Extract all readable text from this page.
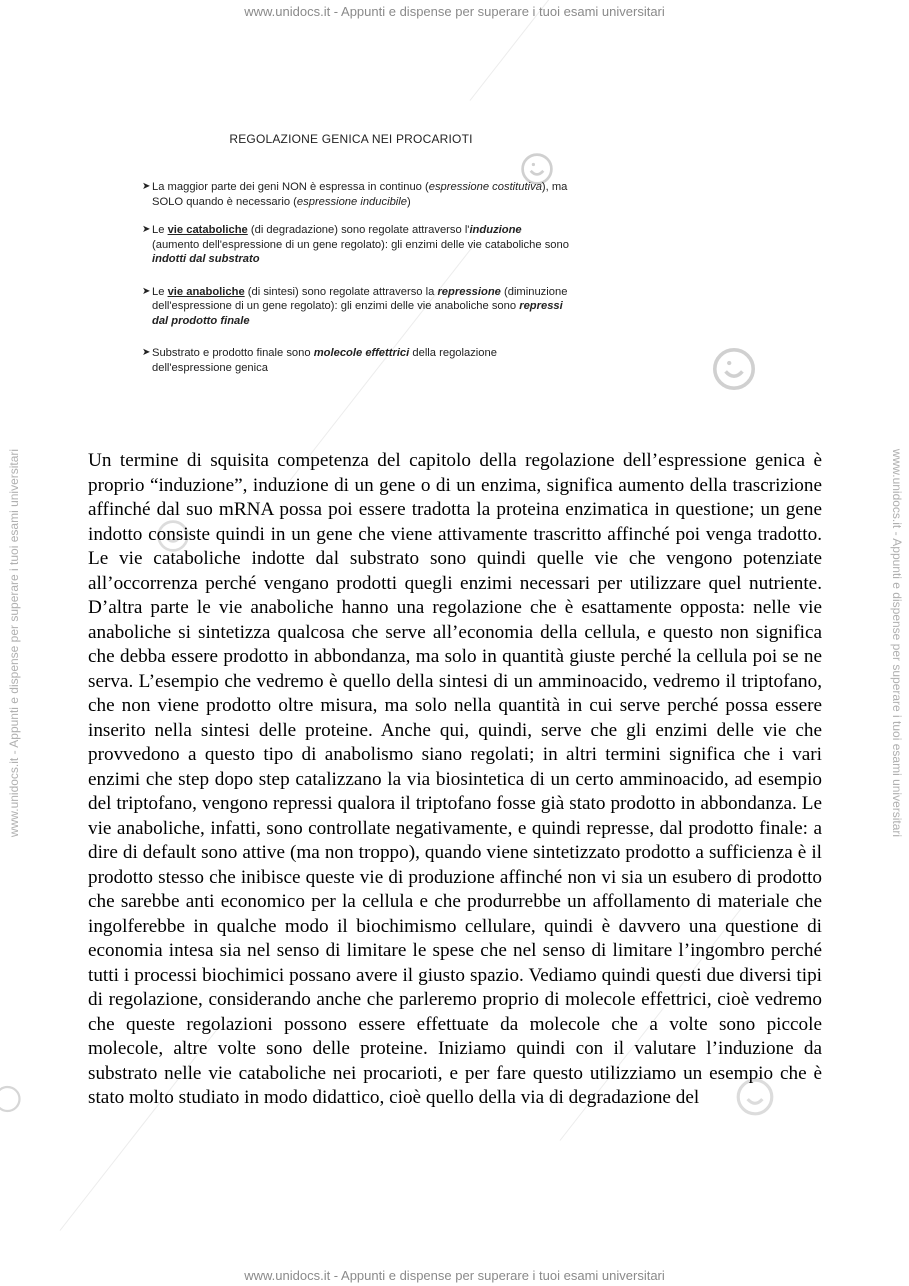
www.unidocs.it - Appunti e dispense per superare i tuoi esami universitari
www.unidocs.it - Appunti e dispense per superare i tuoi esami universitari
www.unidocs.it - Appunti e dispense per superare i tuoi esami universitari	www.unidocs.it - Appunti e dispense per superare i tuoi esami universitari
REGOLAZIONE GENICA NEI PROCARIOTI
➤ La maggior parte dei geni NON è espressa in continuo (espressione costitutiva), ma SOLO quando è necessario (espressione inducibile)
➤ Le vie cataboliche (di degradazione) sono regolate attraverso l'induzione (aumento dell'espressione di un gene regolato): gli enzimi delle vie cataboliche sono indotti dal substrato
➤ Le vie anaboliche (di sintesi) sono regolate attraverso la repressione (diminuzione dell'espressione di un gene regolato): gli enzimi delle vie anaboliche sono repressi dal prodotto finale
➤ Substrato e prodotto finale sono molecole effettrici della regolazione dell'espressione genica

Un termine di squisita competenza del capitolo della regolazione dell’espressione genica è proprio “induzione”, induzione di un gene o di un enzima, significa aumento della trascrizione affinché dal suo mRNA possa poi essere tradotta la proteina enzimatica in questione; un gene indotto consiste quindi in un gene che viene attivamente trascritto affinché poi venga tradotto. Le vie cataboliche indotte dal substrato sono quindi quelle vie che vengono potenziate all’occorrenza perché vengano prodotti quegli enzimi necessari per utilizzare quel nutriente. D’altra parte le vie anaboliche hanno una regolazione che è esattamente opposta: nelle vie anaboliche si sintetizza qualcosa che serve all’economia della cellula, e questo non significa che debba essere prodotto in abbondanza, ma solo in quantità giuste perché la cellula poi se ne serva. L’esempio che vedremo è quello della sintesi di un amminoacido, vedremo il triptofano, che non viene prodotto oltre misura, ma solo nella quantità in cui serve perché possa essere inserito nella sintesi delle proteine. Anche qui, quindi, serve che gli enzimi delle vie che provvedono a questo tipo di anabolismo siano regolati; in altri termini significa che i vari enzimi che step dopo step catalizzano la via biosintetica di un certo amminoacido, ad esempio del triptofano, vengono repressi qualora il triptofano fosse già stato prodotto in abbondanza. Le vie anaboliche, infatti, sono controllate negativamente, e quindi represse, dal prodotto finale: a dire di default sono attive (ma non troppo), quando viene sintetizzato prodotto a sufficienza è il prodotto stesso che inibisce queste vie di produzione affinché non vi sia un esubero di prodotto che sarebbe anti economico per la cellula e che produrrebbe un affollamento di materiale che ingolferebbe in qualche modo il biochimismo cellulare, quindi è davvero una questione di economia intesa sia nel senso di limitare le spese che nel senso di limitare l’ingombro perché tutti i processi biochimici possano avere il giusto spazio. Vediamo quindi questi due diversi tipi di regolazione, considerando anche che parleremo proprio di molecole effettrici, cioè vedremo che queste regolazioni possono essere effettuate da molecole che a volte sono piccole molecole, altre volte sono delle proteine. Iniziamo quindi con il valutare l’induzione da substrato nelle vie cataboliche nei procarioti, e per fare questo utilizziamo un esempio che è stato molto studiato in modo didattico, cioè quello della via di degradazione del
